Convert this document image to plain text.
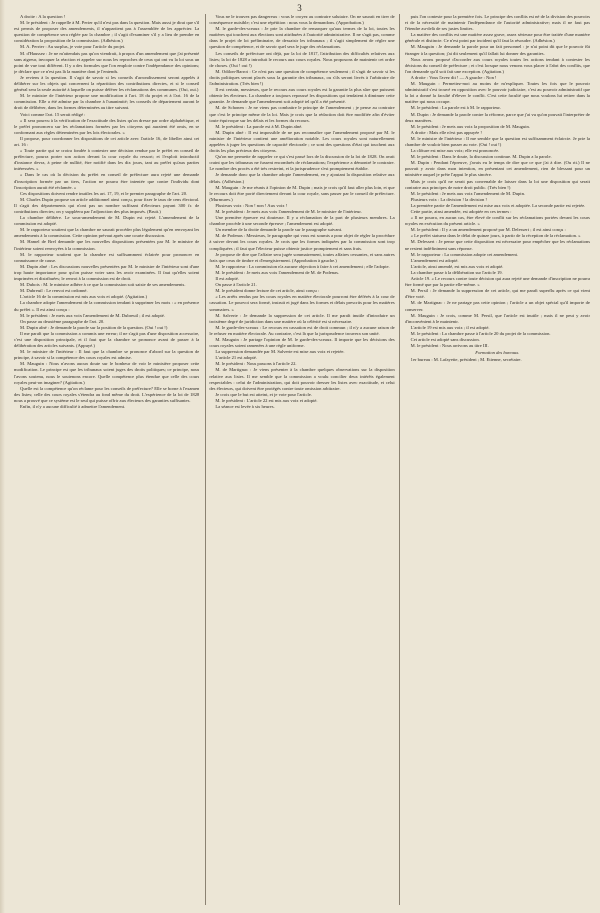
3

A droite : A la question !

M. le président : Je rappelle à M. Perier qu'il n'est pas dans la question. Mais aussi je dirai que s'il est permis de proposer des amendements, il n'appartient pas à l'assemblée de les apprécier. La question de compétence sera réglée par la chambre ; il s'agit d'examiner s'il y a lieu de prendre en considération la proposition de la commission. (Adhésion.)

M. A. Perrier : Au surplus, je vote pour l'article du projet.

M. d'Haussez : Je ne m'attendais pas qu'on viendrait, à propos d'un amendement que j'ai présenté sans aigreur, invoquer la réaction et appeler sur nous les reproches de ceux qui ont vu la loi sous un point de vue tout différent. Il y a des formules que l'on emploie contre l'indépendance des opinions; je déclare que ce n'est pas là la manière dont je l'entends.

Je reviens à la question. Il s'agit de savoir si les conseils d'arrondissement seront appelés à délibérer sur les objets qui concernent la répartition des contributions directes, et si le conseil général sera la seule autorité à laquelle on puisse déférer les réclamations des communes. (Oui, oui.)

M. le ministre de l'intérieur propose une modification à l'art. 18 du projet et à l'art. 16 de la commission. Elle a été admise par la chambre à l'unanimité; les conseils de département auront le droit de délibérer, dans les formes déterminées au titre suivant.

Voici comme l'art. 15 serait rédigé :

« Il sera pourvu à la vérification de l'exactitude des listes qu'on dresse par ordre alphabétique, et le préfet prononcera sur les réclamations formées par les citoyens qui auraient été omis, en se conformant aux règles déterminées par les lois électorales. »

Il propose, pour coordonner les dispositions de cet article avec l'article 16, de libeller ainsi cet art. 16 :

« Toute partie qui se croira fondée à contester une décision rendue par le préfet en conseil de préfecture, pourra porter son action devant la cour royale du ressort; et l'exploit introductif d'instance devra, à peine de nullité, être notifié dans les dix jours, tant au préfet qu'aux parties intéressées. »

« Dans le cas où la décision du préfet en conseil de préfecture aura rejeté une demande d'inscription formée par un tiers, l'action ne pourra être intentée que contre l'individu dont l'inscription aurait été réclamée. »

Ces dispositions doivent rendre inutiles les art. 17, 19, et le premier paragraphe de l'art. 20.

M. Charles Dupin propose un article additionnel ainsi conçu, pour fixer le taux de cens électoral. Il s'agit des départements qui n'ont pas un nombre suffisant d'électeurs payant 300 fr. de contributions directes; on y suppléera par l'adjonction des plus imposés. (Bruit.)

La chambre délibère. Le sous-amendement de M. Dupin est rejeté. L'amendement de la commission est adopté.

M. le rapporteur soutient que la chambre ne saurait procéder plus légalement qu'en renvoyant les amendements à la commission. Cette opinion prévaut après une courte discussion.

M. Hamel de Brel demande que les nouvelles dispositions présentées par M. le ministre de l'intérieur soient renvoyées à la commission.

M. le rapporteur soutient que la chambre est suffisamment éclairée pour prononcer en connaissance de cause.

M. Dupin aîné : Les discussions nouvelles présentées par M. le ministre de l'intérieur sont d'une trop haute importance pour qu'on puisse voter sans les avoir examinées. Il faut qu'elles soient imprimées et distribuées; le renvoi à la commission est de droit.

M. Dubois : M. le ministre adhère à ce que la commission soit saisie de ses amendements.

M. Dubreuil : Le renvoi est ordonné.

L'article 16 de la commission est mis aux voix et adopté. (Agitation.)

La chambre adopte l'amendement de la commission tendant à supprimer les mots : « en présence du préfet ». Il est ainsi conçu :

M. le président : Je mets aux voix l'amendement de M. Dubreuil ; il est adopté.

On passe au deuxième paragraphe de l'art. 20.

M. Dupin aîné : Je demande la parole sur la position de la question. (Oui ! oui !)

Il me paraît que la commission a commis une erreur; il ne s'agit pas d'une disposition accessoire, c'est une disposition principale, et il faut que la chambre se prononce avant de passer à la délibération des articles suivants. (Appuyé.)

M. le ministre de l'intérieur : Il faut que la chambre se prononce d'abord sur la question de principe, à savoir si la compétence des cours royales est admise.

M. Mauguin : Nous n'avons aucun doute sur le bonheur de voir le ministère proposer cette modification. Le principe est que les tribunaux soient juges des droits politiques; ce principe, nous l'avons soutenu, nous le soutenons encore. Quelle compétence plus étendue que celle des cours royales peut-on imaginer? (Agitation.)

Quelle est la compétence qu'on réclame pour les conseils de préfecture? Elle se borne à l'examen des listes; celle des cours royales s'étendra au fond même du droit. L'expérience de la loi de 1828 nous a prouvé que ce système est le seul qui puisse offrir aux électeurs des garanties suffisantes.

Enfin, il n'y a aucune difficulté à admettre l'amendement.

Vous ne le trouvez pas dangereux : vous le croyez au contraire salutaire. On ne saurait en tirer de conséquence nuisible; c'est une répétition : nous vous la demandons. (Approbation.)

M. le garde-des-sceaux : Je prie la chambre de remarquer qu'aux termes de la loi, toutes les matières qui touchent aux élections sont attribuées à l'autorité administrative. Il ne s'agit pas, comme dans le projet de loi préliminaire, de dessaisir les tribunaux ; il s'agit simplement de régler une question de compétence, et de savoir quel sera le juge des réclamations.

Les conseils de préfecture ont déjà, par la loi de 1817, l'attribution des difficultés relatives aux listes; la loi de 1828 a introduit le recours aux cours royales. Nous proposons de maintenir cet ordre de choses. (Oui ! oui !)

M. Odilon-Barrot : Ce n'est pas une question de compétence seulement ; il s'agit de savoir si les droits politiques seront placés sous la garantie des tribunaux, ou s'ils seront livrés à l'arbitraire de l'administration. (Très bien !)

Il est certain, messieurs, que le recours aux cours royales est la garantie la plus sûre que puissent obtenir les électeurs. La chambre a toujours repoussé les dispositions qui tendaient à diminuer cette garantie. Je demande que l'amendement soit adopté tel qu'il a été présenté.

M. de Schonen : Je ne viens pas combattre le principe de l'amendement ; je pense au contraire que c'est le principe même de la loi. Mais je crois que la rédaction doit être modifiée afin d'éviter toute équivoque sur les délais et les formes du recours.

M. le président : La parole est à M. Dupin aîné.

M. Dupin aîné : Il est impossible de ne pas reconnaître que l'amendement proposé par M. le ministre de l'intérieur contient une amélioration notable. Les cours royales sont naturellement appelées à juger les questions de capacité électorale ; ce sont des questions d'état qui touchent aux droits les plus précieux des citoyens.

Qu'on me permette de rappeler ce qui s'est passé lors de la discussion de la loi de 1828. On avait craint que les tribunaux ne fussent encombrés de réclamations; l'expérience a démontré le contraire. Le nombre des procès a été très restreint, et la jurisprudence s'est promptement établie.

Je demande donc que la chambre adopte l'amendement, en y ajoutant la disposition relative aux délais. (Adhésion.)

M. Mauguin : Je me réunis à l'opinion de M. Dupin ; mais je crois qu'il faut aller plus loin, et que le recours doit être porté directement devant la cour royale, sans passer par le conseil de préfecture. (Murmures.)

Plusieurs voix : Non ! non ! Aux voix !

M. le président : Je mets aux voix l'amendement de M. le ministre de l'intérieur.

Une première épreuve est douteuse. Il y a réclamation de la part de plusieurs membres. La chambre procède à une seconde épreuve ; l'amendement est adopté.

Un membre de la droite demande la parole sur le paragraphe suivant.

M. de Podenas : Messieurs, le paragraphe qui vous est soumis a pour objet de régler la procédure à suivre devant les cours royales. Je crois que les formes indiquées par la commission sont trop compliquées ; il faut que l'électeur puisse obtenir justice promptement et sans frais.

Je propose de dire que l'affaire sera jugée sommairement, toutes affaires cessantes, et sans autres frais que ceux de timbre et d'enregistrement. (Approbation à gauche.)

M. le rapporteur : La commission n'a aucune objection à faire à cet amendement ; elle l'adopte.

M. le président : Je mets aux voix l'amendement de M. de Podenas.

Il est adopté.

On passe à l'article 21.

M. le président donne lecture de cet article, ainsi conçu :

« Les arrêts rendus par les cours royales en matière électorale pourront être déférés à la cour de cassation. Le pourvoi sera formé, instruit et jugé dans les formes et délais prescrits pour les matières sommaires. »

M. Salverte : Je demande la suppression de cet article. Il me paraît inutile d'introduire un troisième degré de juridiction dans une matière où la célérité est si nécessaire.

M. le garde-des-sceaux : Le recours en cassation est de droit commun ; il n'y a aucune raison de le refuser en matière électorale. Au contraire, c'est là que la jurisprudence trouvera son unité.

M. Mauguin : Je partage l'opinion de M. le garde-des-sceaux. Il importe que les décisions des cours royales soient ramenées à une règle uniforme.

La suppression demandée par M. Salverte est mise aux voix et rejetée.

L'article 21 est adopté.

M. le président : Nous passons à l'article 22.

M. de Martignac : Je viens présenter à la chambre quelques observations sur la disposition relative aux listes. Il me semble que la commission a voulu concilier deux intérêts également respectables : celui de l'administration, qui doit pouvoir dresser les listes avec exactitude, et celui des électeurs, qui doivent être protégés contre toute omission arbitraire.

Je crois que le but est atteint, et je vote pour l'article.

M. le président : L'article 22 est mis aux voix et adopté.

La séance est levée à six heures.

puis l'on conteste pour la première fois. Le principe des conflits est né de la division des pouvoirs et de la nécessité de maintenir l'indépendance de l'autorité administrative; mais il ne faut pas l'étendre au-delà de ses justes limites.

La matière des conflits est une matière assez grave, assez sérieuse pour être traitée d'une manière générale et distincte. Ce n'est point par incident qu'il faut la résoudre. (Adhésion.)

M. Mauguin : Je demande la parole pour un fait personnel : je n'ai point dit que le pouvoir fût étranger à la question; j'ai dit seulement qu'il fallait lui donner des garanties.

Nous avons proposé d'accorder aux cours royales toutes les actions tendant à contester les décisions du conseil de préfecture ; et c'est lorsque nous venons vous placer à l'abri des conflits, que l'on demande qu'il soit fait une exception. (Agitation.)

A droite : Vous l'avez dit ! — A gauche : Non !

M. Mauguin : Permettez-moi au moins de m'expliquer. Toutes les fois que le pouvoir administratif s'est trouvé en opposition avec le pouvoir judiciaire, c'est au pouvoir administratif que la loi a donné la faculté d'élever le conflit. C'est cette faculté que nous voulons lui retirer dans la matière qui nous occupe.

M. le président : La parole est à M. le rapporteur.

M. Dupin : Je demande la parole contre la réforme, parce que j'ai vu qu'on pouvait l'interpréter de deux manières.

M. le président : Je mets aux voix la proposition de M. Mauguin.

A droite : Mais elle n'est pas appuyée !

M. le ministre de l'intérieur : Il me semble que la question est suffisamment éclaircie. Je prie la chambre de vouloir bien passer au vote. (Oui ! oui !)

La clôture est mise aux voix; elle est prononcée.

M. le président : Dans le doute, la discussion continue. M. Dupin a la parole.

M. Dupin : Pendant l'épreuve, j'avais eu le temps de dire que ce que j'ai à dire. (Ou rit.) Il ne pouvait y avoir dans mon intention, en présentant cet amendement, rien de blessant pour un ministère auquel je prête l'appui le plus sincère.

Mais je crois qu'il ne serait pas convenable de laisser dans la loi une disposition qui serait contraire aux principes de notre droit public. (Très bien !)

M. le président : Je mets aux voix l'amendement de M. Dupin.

Plusieurs voix : La division ! la division !

La première partie de l'amendement est mise aux voix et adoptée. La seconde partie est rejetée.

Cette partie, ainsi amendée, est adoptée en ces termes :

« Il ne pourra, en aucun cas, être élevé de conflit sur les réclamations portées devant les cours royales en exécution du présent article. »

M. le président : Il y a un amendement proposé par M. Delessert ; il est ainsi conçu :

« Le préfet statuera dans le délai de quinze jours, à partir de la réception de la réclamation. »

M. Delessert : Je pense que cette disposition est nécessaire pour empêcher que les réclamations ne restent indéfiniment sans réponse.

M. le rapporteur : La commission adopte cet amendement.

L'amendement est adopté.

L'article, ainsi amendé, est mis aux voix et adopté.

La chambre passe à la délibération sur l'article 19.

Article 19. « Le recours contre toute décision qui aura rejeté une demande d'inscription ne pourra être formé que par la partie elle-même. »

M. Persil : Je demande la suppression de cet article, qui me paraît superflu après ce qui vient d'être voté.

M. de Martignac : Je ne partage pas cette opinion ; l'article a un objet spécial qu'il importe de conserver.

M. Mauguin : Je crois, comme M. Persil, que l'article est inutile ; mais il ne peut y avoir d'inconvénient à le maintenir.

L'article 19 est mis aux voix ; il est adopté.

M. le président : La chambre passe à l'article 20 du projet de la commission.

Cet article est adopté sans discussion.

M. le président : Nous arrivons au titre III.

Formation des bureaux.

1er bureau : M. Lafayette, président ; M. Etienne, secrétaire.
